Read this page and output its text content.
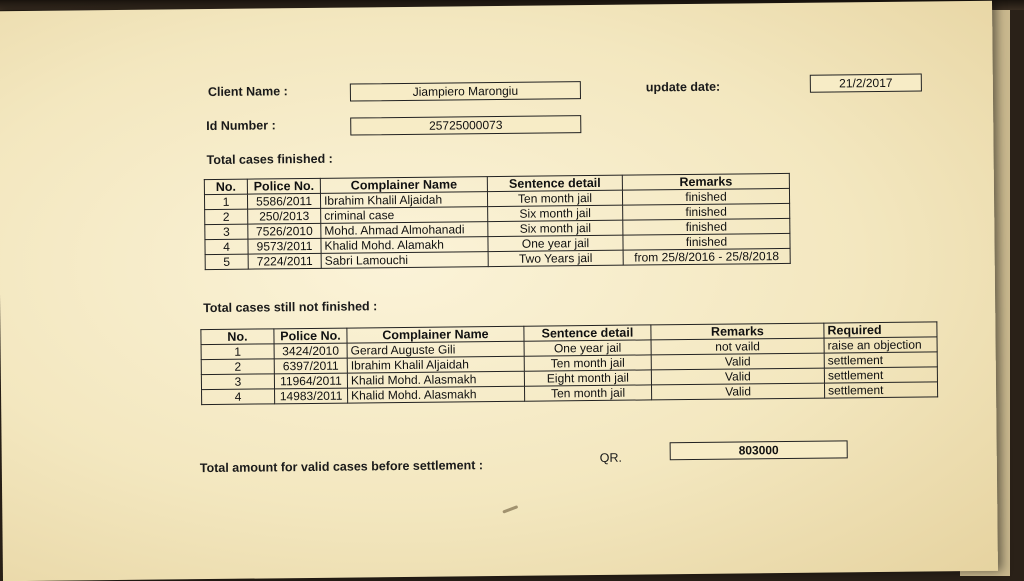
Client Name :	Jiampiero Marongiu	update date:	21/2/2017
Id Number :	25725000073
Total cases finished :
No.	Police No.	Complainer Name	Sentence detail	Remarks
1	5586/2011	Ibrahim Khalil Aljaidah	Ten month jail	finished
2	250/2013	criminal case	Six month jail	finished
3	7526/2010	Mohd. Ahmad Almohanadi	Six month jail	finished
4	9573/2011	Khalid Mohd. Alamakh	One year jail	finished
5	7224/2011	Sabri Lamouchi	Two Years jail	from 25/8/2016 - 25/8/2018
Total cases still not finished :
No.	Police No.	Complainer Name	Sentence detail	Remarks	Required
1	3424/2010	Gerard Auguste Gili	One year jail	not vaild	raise an objection
2	6397/2011	Ibrahim Khalil Aljaidah	Ten month jail	Valid	settlement
3	11964/2011	Khalid Mohd. Alasmakh	Eight month jail	Valid	settlement
4	14983/2011	Khalid Mohd. Alasmakh	Ten month jail	Valid	settlement
Total amount for valid cases before settlement :
QR.
803000
